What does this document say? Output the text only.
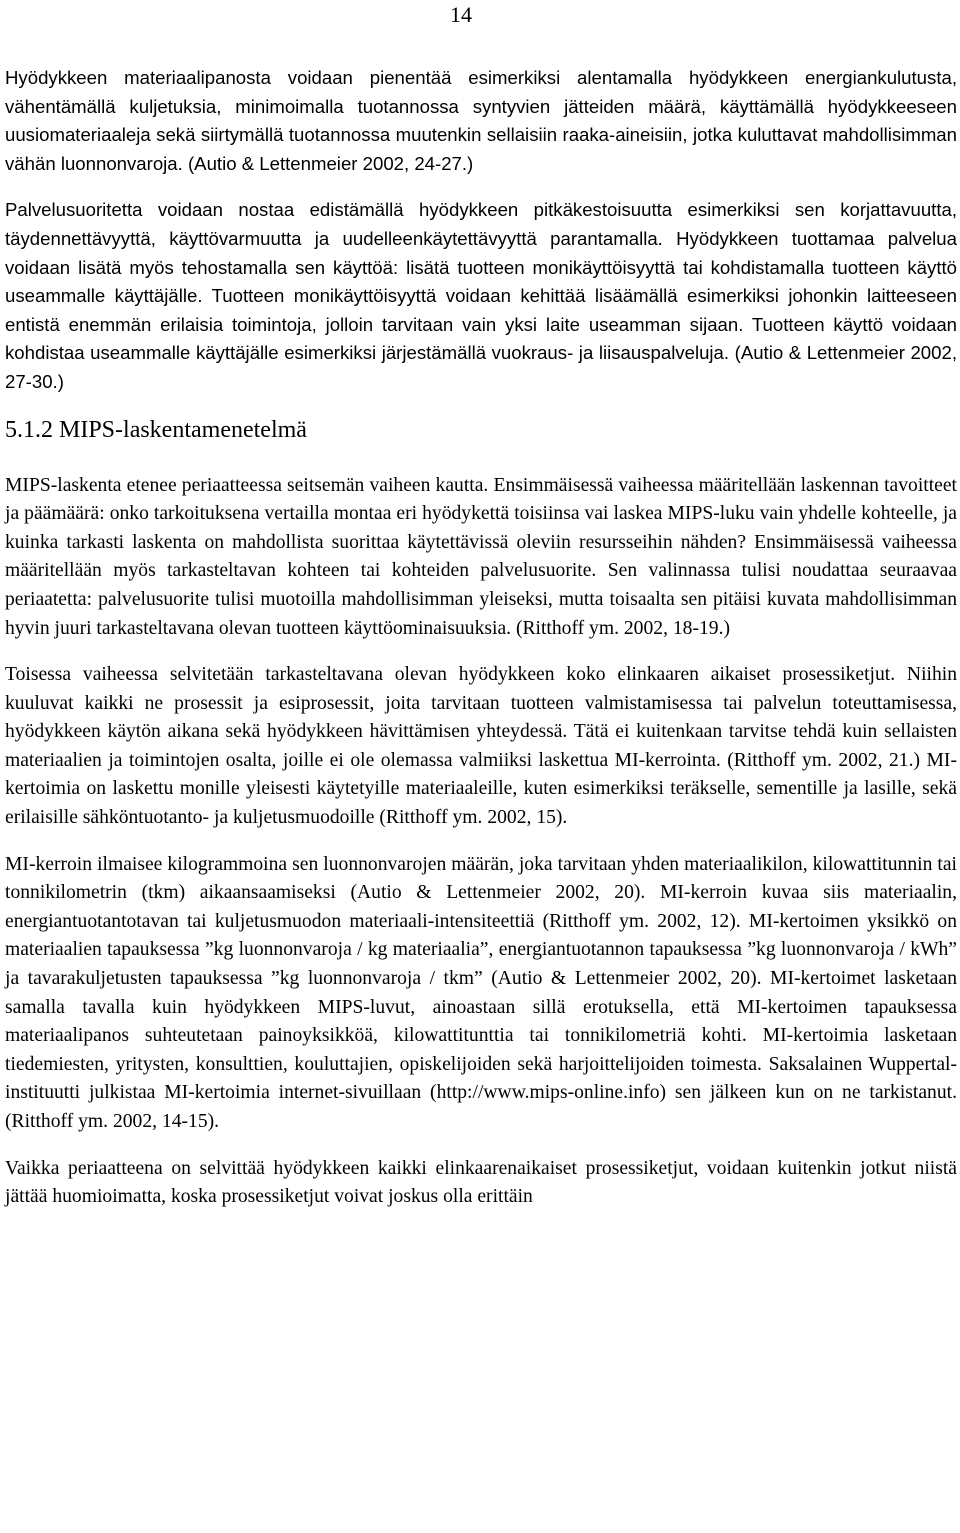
14

Hyödykkeen materiaalipanosta voidaan pienentää esimerkiksi alentamalla hyödykkeen energiankulutusta, vähentämällä kuljetuksia, minimoimalla tuotannossa syntyvien jätteiden määrä, käyttämällä hyödykkeeseen uusiomateriaaleja sekä siirtymällä tuotannossa muutenkin sellaisiin raaka-aineisiin, jotka kuluttavat mahdollisimman vähän luonnonvaroja. (Autio & Lettenmeier 2002, 24-27.)

Palvelusuoritetta voidaan nostaa edistämällä hyödykkeen pitkäkestoisuutta esimerkiksi sen korjattavuutta, täydennettävyyttä, käyttövarmuutta ja uudelleenkäytettävyyttä parantamalla. Hyödykkeen tuottamaa palvelua voidaan lisätä myös tehostamalla sen käyttöä: lisätä tuotteen monikäyttöisyyttä tai kohdistamalla tuotteen käyttö useammalle käyttäjälle. Tuotteen monikäyttöisyyttä voidaan kehittää lisäämällä esimerkiksi johonkin laitteeseen entistä enemmän erilaisia toimintoja, jolloin tarvitaan vain yksi laite useamman sijaan. Tuotteen käyttö voidaan kohdistaa useammalle käyttäjälle esimerkiksi järjestämällä vuokraus- ja liisauspalveluja. (Autio & Lettenmeier 2002, 27-30.)

5.1.2 MIPS-laskentamenetelmä

MIPS-laskenta etenee periaatteessa seitsemän vaiheen kautta. Ensimmäisessä vaiheessa määritellään laskennan tavoitteet ja päämäärä: onko tarkoituksena vertailla montaa eri hyödykettä toisiinsa vai laskea MIPS-luku vain yhdelle kohteelle, ja kuinka tarkasti laskenta on mahdollista suorittaa käytettävissä oleviin resursseihin nähden? Ensimmäisessä vaiheessa määritellään myös tarkasteltavan kohteen tai kohteiden palvelusuorite. Sen valinnassa tulisi noudattaa seuraavaa periaatetta: palvelusuorite tulisi muotoilla mahdollisimman yleiseksi, mutta toisaalta sen pitäisi kuvata mahdollisimman hyvin juuri tarkasteltavana olevan tuotteen käyttöominaisuuksia. (Ritthoff ym. 2002, 18-19.)

Toisessa vaiheessa selvitetään tarkasteltavana olevan hyödykkeen koko elinkaaren aikaiset prosessiketjut. Niihin kuuluvat kaikki ne prosessit ja esiprosessit, joita tarvitaan tuotteen valmistamisessa tai palvelun toteuttamisessa, hyödykkeen käytön aikana sekä hyödykkeen hävittämisen yhteydessä. Tätä ei kuitenkaan tarvitse tehdä kuin sellaisten materiaalien ja toimintojen osalta, joille ei ole olemassa valmiiksi laskettua MI-kerrointa. (Ritthoff ym. 2002, 21.) MI-kertoimia on laskettu monille yleisesti käytetyille materiaaleille, kuten esimerkiksi teräkselle, sementille ja lasille, sekä erilaisille sähköntuotanto- ja kuljetusmuodoille (Ritthoff ym. 2002, 15).

MI-kerroin ilmaisee kilogrammoina sen luonnonvarojen määrän, joka tarvitaan yhden materiaalikilon, kilowattitunnin tai tonnikilometrin (tkm) aikaansaamiseksi (Autio & Lettenmeier 2002, 20). MI-kerroin kuvaa siis materiaalin, energiantuotantotavan tai kuljetusmuodon materiaali-intensiteettiä (Ritthoff ym. 2002, 12). MI-kertoimen yksikkö on materiaalien tapauksessa ”kg luonnonvaroja / kg materiaalia”, energiantuotannon tapauksessa ”kg luonnonvaroja / kWh” ja tavarakuljetusten tapauksessa ”kg luonnonvaroja / tkm” (Autio & Lettenmeier 2002, 20). MI-kertoimet lasketaan samalla tavalla kuin hyödykkeen MIPS-luvut, ainoastaan sillä erotuksella, että MI-kertoimen tapauksessa materiaalipanos suhteutetaan painoyksikköä, kilowattitunttia tai tonnikilometriä kohti. MI-kertoimia lasketaan tiedemiesten, yritysten, konsulttien, kouluttajien, opiskelijoiden sekä harjoittelijoiden toimesta. Saksalainen Wuppertal-instituutti julkistaa MI-kertoimia internet-sivuillaan (http://www.mips-online.info) sen jälkeen kun on ne tarkistanut. (Ritthoff ym. 2002, 14-15).

Vaikka periaatteena on selvittää hyödykkeen kaikki elinkaarenaikaiset prosessiketjut, voidaan kuitenkin jotkut niistä jättää huomioimatta, koska prosessiketjut voivat joskus olla erittäin
